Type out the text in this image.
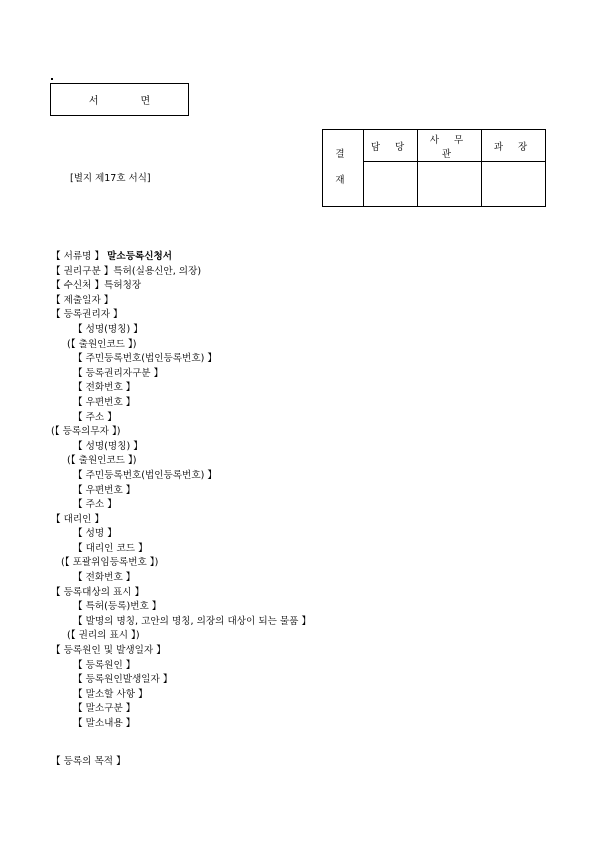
서	면
[별지 제17호 서식]
결
재	담 당	사 무 관	과 장

【 서류명 】 말소등록신청서
【 권리구분 】특허(실용신안, 의장)
【 수신처 】특허청장
【 제출일자 】
【 등록권리자 】
【 성명(명칭) 】
(【 출원인코드 】)
【 주민등록번호(법인등록번호) 】
【 등록권리자구분 】
【 전화번호 】
【 우편번호 】
【 주소 】
(【 등록의무자 】)
【 성명(명칭) 】
(【 출원인코드 】)
【 주민등록번호(법인등록번호) 】
【 우편번호 】
【 주소 】
【 대리인 】
【 성명 】
【 대리인 코드 】
(【 포괄위임등록번호 】)
【 전화번호 】
【 등록대상의 표시 】
【 특허(등록)번호 】
【 발명의 명칭, 고안의 명칭, 의장의 대상이 되는 물품 】
(【 권리의 표시 】)
【 등록원인 및 발생일자 】
【 등록원인 】
【 등록원인발생일자 】
【 말소할 사항 】
【 말소구분 】
【 말소내용 】
【 등록의 목적 】
